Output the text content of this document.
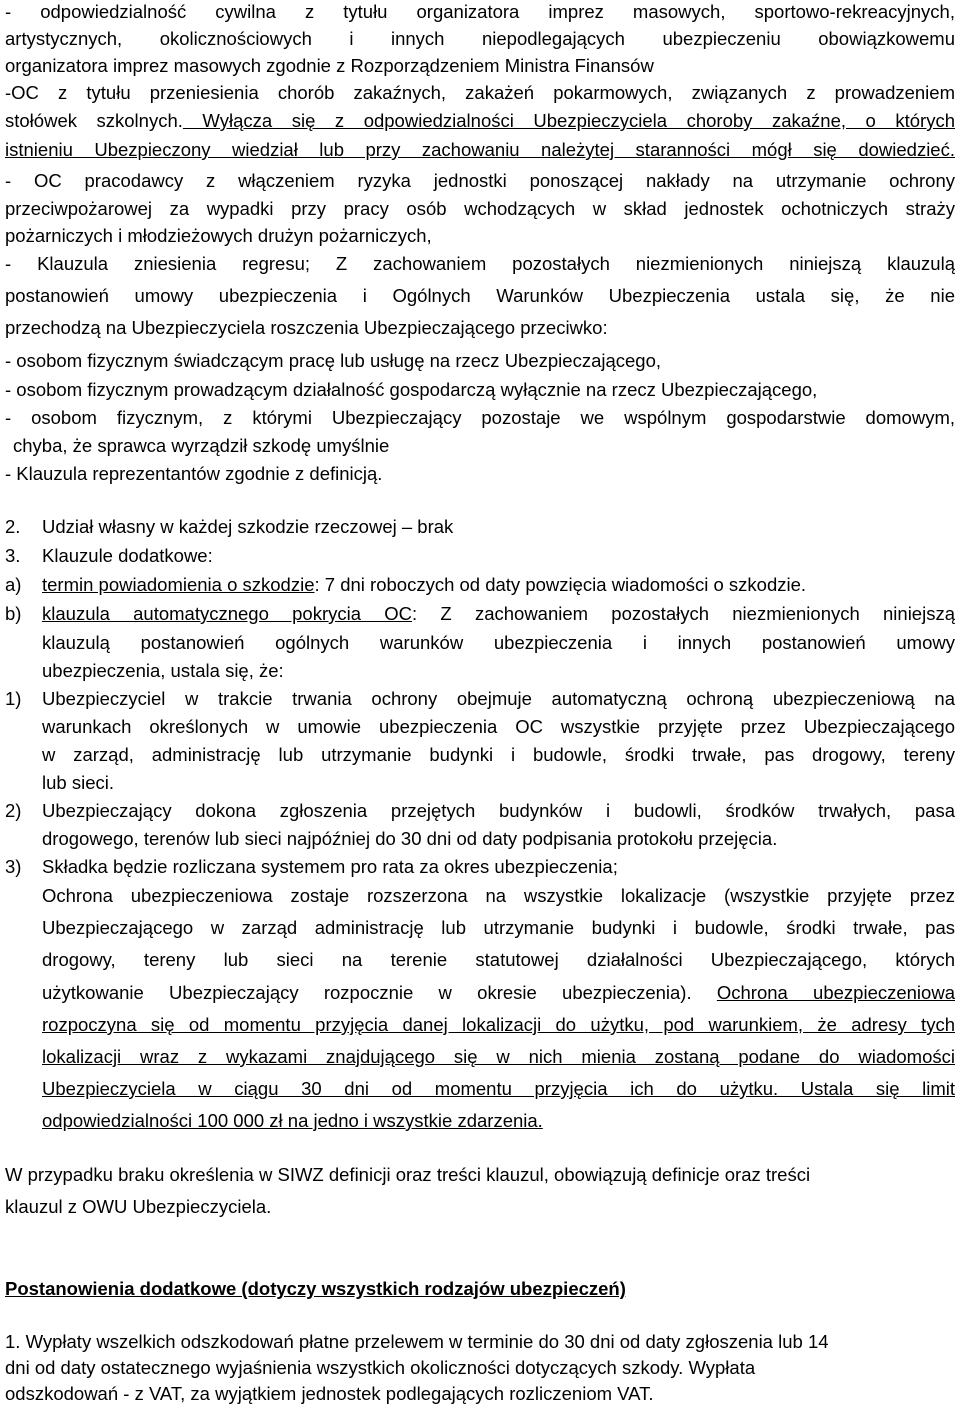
- odpowiedzialność cywilna z tytułu organizatora imprez masowych, sportowo-rekreacyjnych,
artystycznych, okolicznościowych i innych niepodlegających ubezpieczeniu obowiązkowemu
organizatora imprez masowych zgodnie z Rozporządzeniem Ministra Finansów
-OC z tytułu przeniesienia chorób zakaźnych, zakażeń pokarmowych, związanych z prowadzeniem
stołówek szkolnych. Wyłącza się z odpowiedzialności Ubezpieczyciela choroby zakaźne, o których
istnieniu Ubezpieczony wiedział lub przy zachowaniu należytej staranności mógł się dowiedzieć.
- OC pracodawcy z włączeniem ryzyka jednostki ponoszącej nakłady na utrzymanie ochrony
przeciwpożarowej za wypadki przy pracy osób wchodzących w skład jednostek ochotniczych straży
pożarniczych i młodzieżowych drużyn pożarniczych,
- Klauzula zniesienia regresu; Z zachowaniem pozostałych niezmienionych niniejszą klauzulą
postanowień umowy ubezpieczenia i Ogólnych Warunków Ubezpieczenia ustala się, że nie
przechodzą na Ubezpieczyciela roszczenia Ubezpieczającego przeciwko:
- osobom fizycznym świadczącym pracę lub usługę na rzecz Ubezpieczającego,
- osobom fizycznym prowadzącym działalność gospodarczą wyłącznie na rzecz Ubezpieczającego,
- osobom fizycznym, z którymi Ubezpieczający pozostaje we wspólnym gospodarstwie domowym,
chyba, że sprawca wyrządził szkodę umyślnie
- Klauzula reprezentantów zgodnie z definicją.
2. Udział własny w każdej szkodzie rzeczowej – brak
3. Klauzule dodatkowe:
a) termin powiadomienia o szkodzie: 7 dni roboczych od daty powzięcia wiadomości o szkodzie.
b) klauzula automatycznego pokrycia OC: Z zachowaniem pozostałych niezmienionych niniejszą
klauzulą postanowień ogólnych warunków ubezpieczenia i innych postanowień umowy
ubezpieczenia, ustala się, że:
1) Ubezpieczyciel w trakcie trwania ochrony obejmuje automatyczną ochroną ubezpieczeniową na
warunkach określonych w umowie ubezpieczenia OC wszystkie przyjęte przez Ubezpieczającego
w zarząd, administrację lub utrzymanie budynki i budowle, środki trwałe, pas drogowy, tereny
lub sieci.
2) Ubezpieczający dokona zgłoszenia przejętych budynków i budowli, środków trwałych, pasa
drogowego, terenów lub sieci najpóźniej do 30 dni od daty podpisania protokołu przejęcia.
3) Składka będzie rozliczana systemem pro rata za okres ubezpieczenia;
Ochrona ubezpieczeniowa zostaje rozszerzona na wszystkie lokalizacje (wszystkie przyjęte przez
Ubezpieczającego w zarząd administrację lub utrzymanie budynki i budowle, środki trwałe, pas
drogowy, tereny lub sieci na terenie statutowej działalności Ubezpieczającego, których
użytkowanie Ubezpieczający rozpocznie w okresie ubezpieczenia). Ochrona ubezpieczeniowa
rozpoczyna się od momentu przyjęcia danej lokalizacji do użytku, pod warunkiem, że adresy tych
lokalizacji wraz z wykazami znajdującego się w nich mienia zostaną podane do wiadomości
Ubezpieczyciela w ciągu 30 dni od momentu przyjęcia ich do użytku. Ustala się limit
odpowiedzialności 100 000 zł na jedno i wszystkie zdarzenia.
W przypadku braku określenia w SIWZ definicji oraz treści klauzul, obowiązują definicje oraz treści
klauzul z OWU Ubezpieczyciela.
Postanowienia dodatkowe (dotyczy wszystkich rodzajów ubezpieczeń)
1. Wypłaty wszelkich odszkodowań płatne przelewem w terminie do 30 dni od daty zgłoszenia lub 14
dni od daty ostatecznego wyjaśnienia wszystkich okoliczności dotyczących szkody. Wypłata
odszkodowań - z VAT, za wyjątkiem jednostek podlegających rozliczeniom VAT.
